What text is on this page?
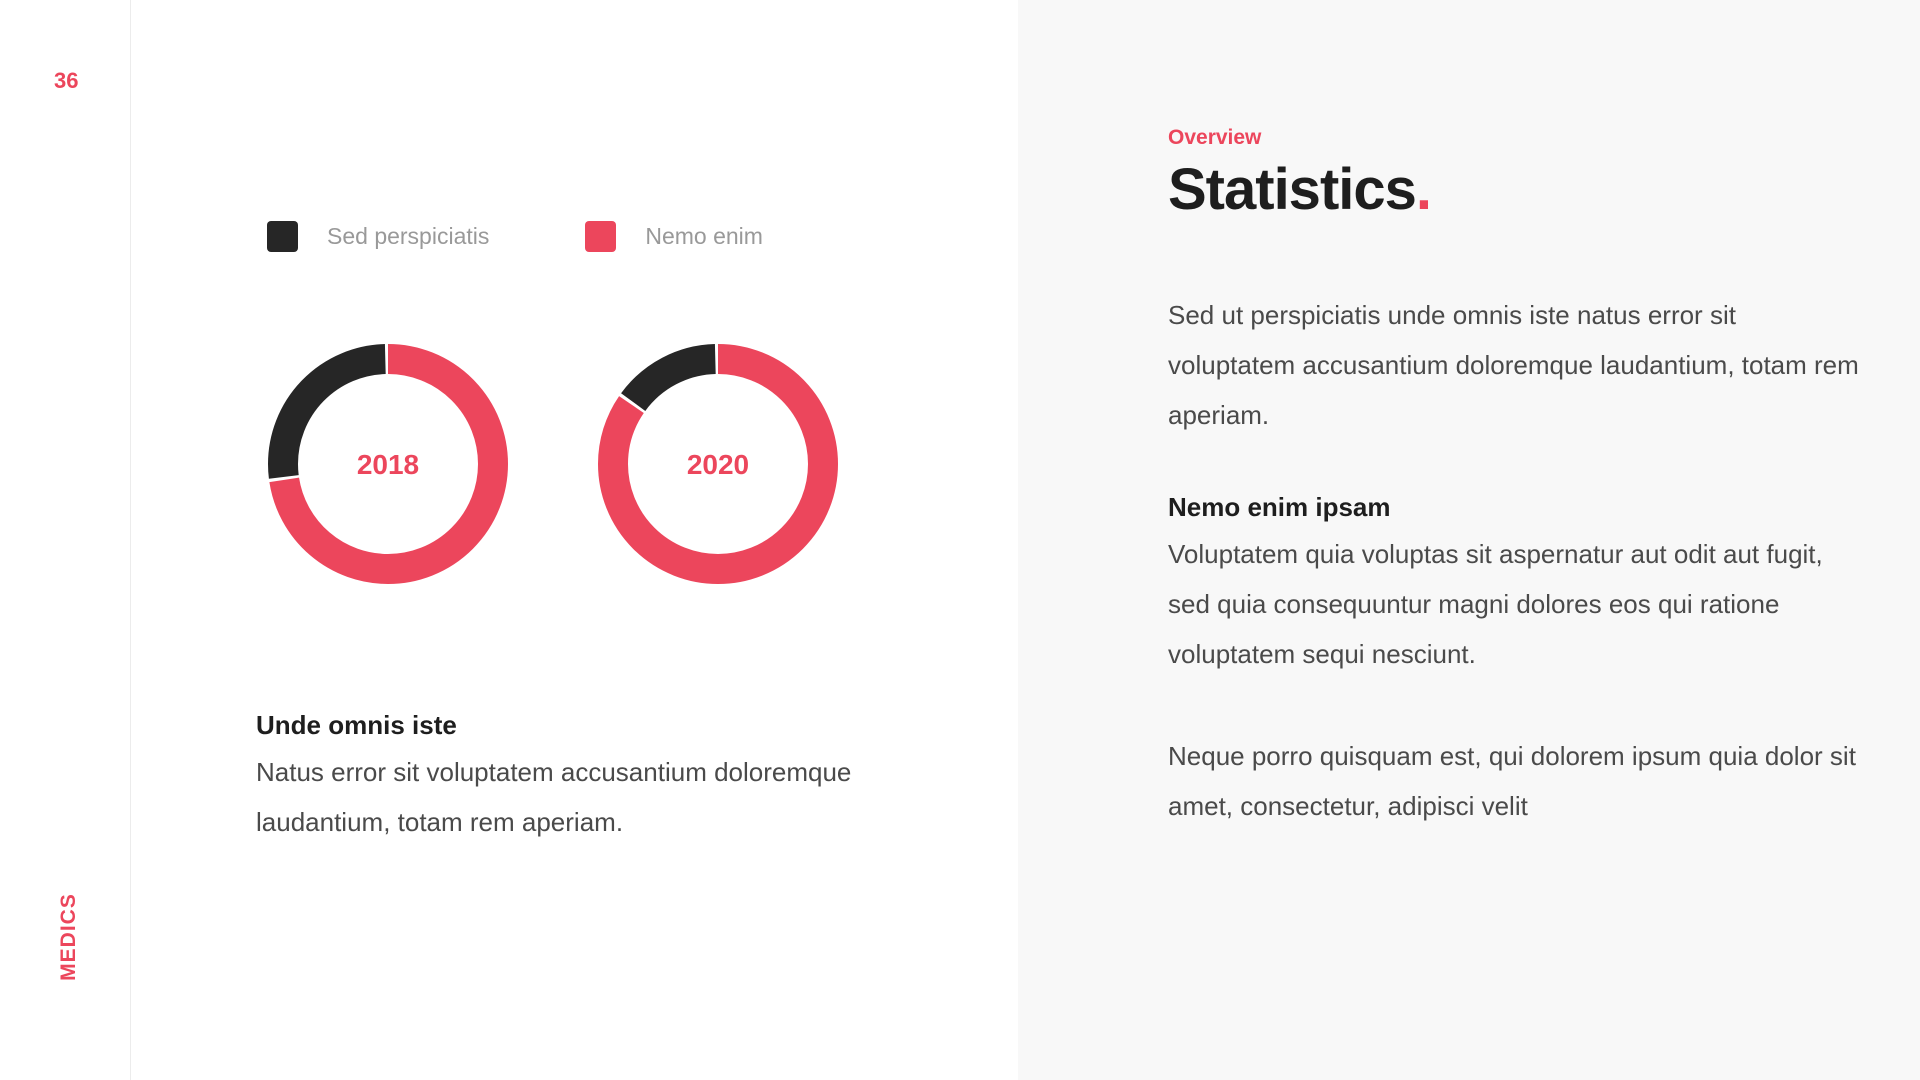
36
MEDICS
Sed perspiciatis	Nemo enim
2018	2020
Unde omnis iste

Natus error sit voluptatem accusantium doloremque laudantium, totam rem aperiam.

Overview
Statistics.

Sed ut perspiciatis unde omnis iste natus error sit voluptatem accusantium doloremque laudantium, totam rem aperiam.

Nemo enim ipsam

Voluptatem quia voluptas sit aspernatur aut odit aut fugit, sed quia consequuntur magni dolores eos qui ratione voluptatem sequi nesciunt.

Neque porro quisquam est, qui dolorem ipsum quia dolor sit amet, consectetur, adipisci velit
